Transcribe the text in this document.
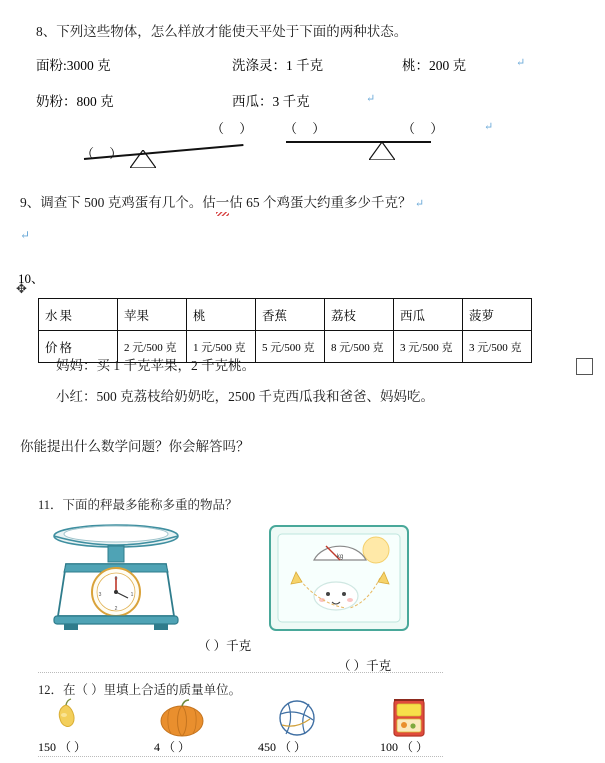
8、下列这些物体，怎么样放才能使天平处于下面的两种状态。
面粉:3000 克	洗涤灵：1 千克	桃：200 克	↵
奶粉：800 克	西瓜：3 千克	↵
（ ） （ ）	（ ）	↵
（ ）
9、调查下 500 克鸡蛋有几个。估一估 65 个鸡蛋大约重多少千克？ ↵
↵
10、
✥
水果	苹果	桃	香蕉	荔枝	西瓜	菠萝
价格	2 元/500 克	1 元/500 克	5 元/500 克	8 元/500 克	3 元/500 克	3 元/500 克
妈妈：买 1 千克苹果，2 千克桃。
小红：500 克荔枝给奶奶吃，2500 千克西瓜我和爸爸、妈妈吃。
你能提出什么数学问题？你会解答吗？
11．下面的秤最多能称多重的物品？
0
3
2
1
kg
（ ）千克
（ ）千克
12．在（ ）里填上合适的质量单位。
150 （ ）	4 （ ）	450 （ ）	100 （ ）
